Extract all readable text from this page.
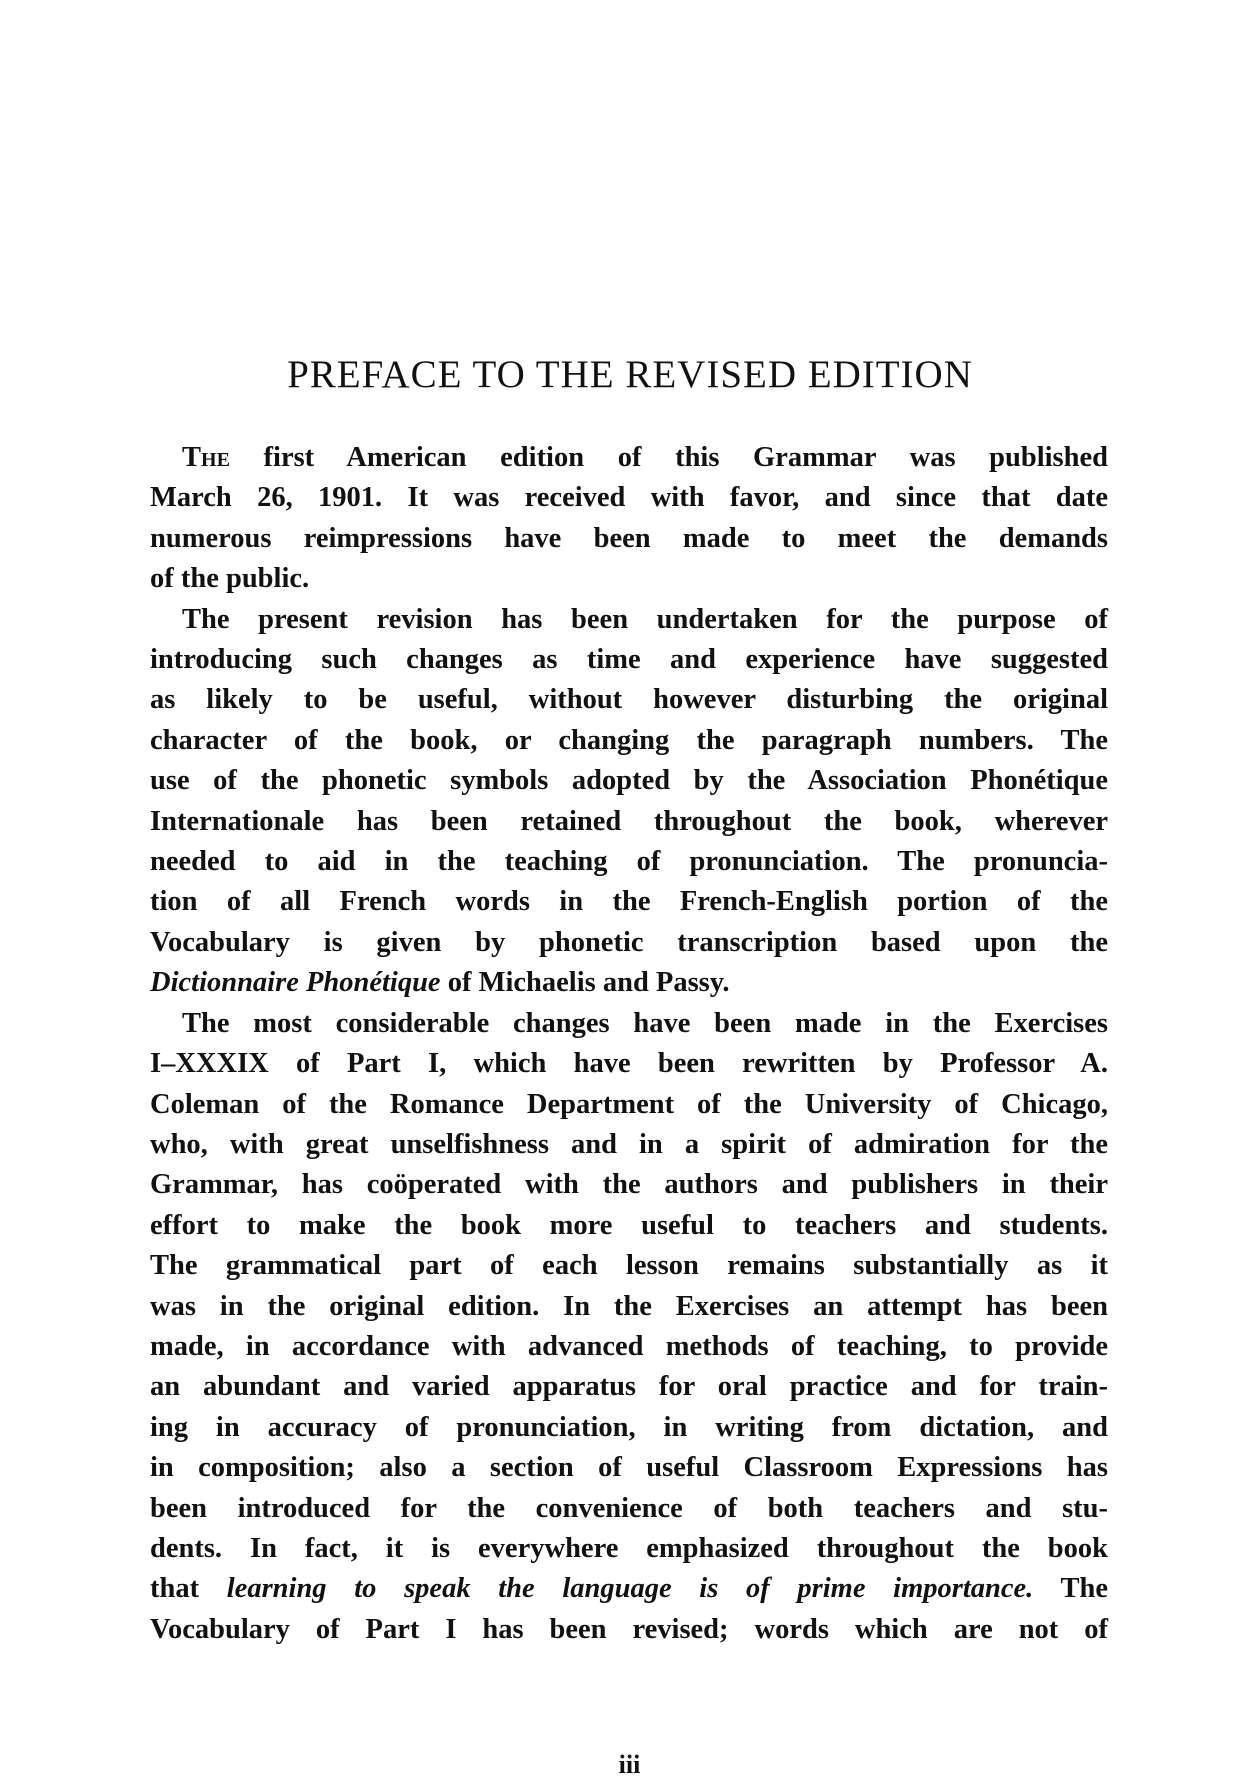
PREFACE TO THE REVISED EDITION

The first American edition of this Grammar was published
March 26, 1901. It was received with favor, and since that date
numerous reimpressions have been made to meet the demands
of the public.

The present revision has been undertaken for the purpose of
introducing such changes as time and experience have suggested
as likely to be useful, without however disturbing the original
character of the book, or changing the paragraph numbers. The
use of the phonetic symbols adopted by the Association Phonétique
Internationale has been retained throughout the book, wherever
needed to aid in the teaching of pronunciation. The pronuncia-
tion of all French words in the French-English portion of the
Vocabulary is given by phonetic transcription based upon the
Dictionnaire Phonétique of Michaelis and Passy.

The most considerable changes have been made in the Exercises
I–XXXIX of Part I, which have been rewritten by Professor A.
Coleman of the Romance Department of the University of Chicago,
who, with great unselfishness and in a spirit of admiration for the
Grammar, has coöperated with the authors and publishers in their
effort to make the book more useful to teachers and students.
The grammatical part of each lesson remains substantially as it
was in the original edition. In the Exercises an attempt has been
made, in accordance with advanced methods of teaching, to provide
an abundant and varied apparatus for oral practice and for train-
ing in accuracy of pronunciation, in writing from dictation, and
in composition; also a section of useful Classroom Expressions has
been introduced for the convenience of both teachers and stu-
dents. In fact, it is everywhere emphasized throughout the book
that learning to speak the language is of prime importance. The
Vocabulary of Part I has been revised; words which are not of

iii
